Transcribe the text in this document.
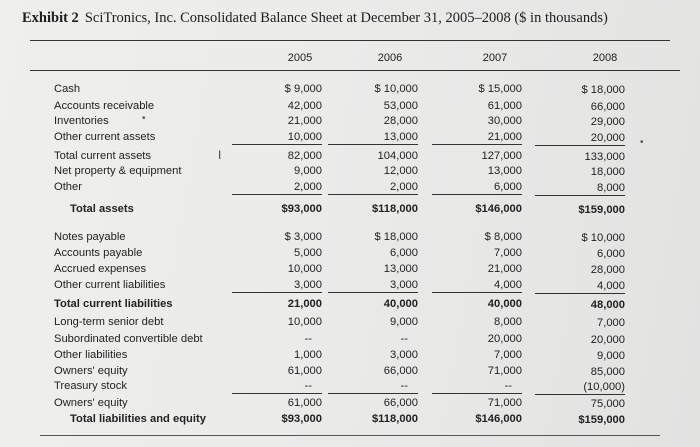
Exhibit 2 SciTronics, Inc. Consolidated Balance Sheet at December 31, 2005–2008 ($ in thousands)
2005	2006	2007	2008
Cash	$ 9,000	$ 10,000	$ 15,000	$ 18,000
Accounts receivable	42,000	53,000	61,000	66,000
Inventories	21,000	28,000	30,000	29,000
Other current assets	10,000	13,000	21,000	20,000
Total current assets	82,000	104,000	127,000	133,000
Net property & equipment	9,000	12,000	13,000	18,000
Other	2,000	2,000	6,000	8,000
Total assets	$93,000	$118,000	$146,000	$159,000
Notes payable	$ 3,000	$ 18,000	$ 8,000	$ 10,000
Accounts payable	5,000	6,000	7,000	6,000
Accrued expenses	10,000	13,000	21,000	28,000
Other current liabilities	3,000	3,000	4,000	4,000
Total current liabilities	21,000	40,000	40,000	48,000
Long-term senior debt	10,000	9,000	8,000	7,000
Subordinated convertible debt	--	--	20,000	20,000
Other liabilities	1,000	3,000	7,000	9,000
Owners' equity	61,000	66,000	71,000	85,000
Treasury stock	--	--	--	(10,000)
Owners' equity	61,000	66,000	71,000	75,000
Total liabilities and equity	$93,000	$118,000	$146,000	$159,000
I
•
•
